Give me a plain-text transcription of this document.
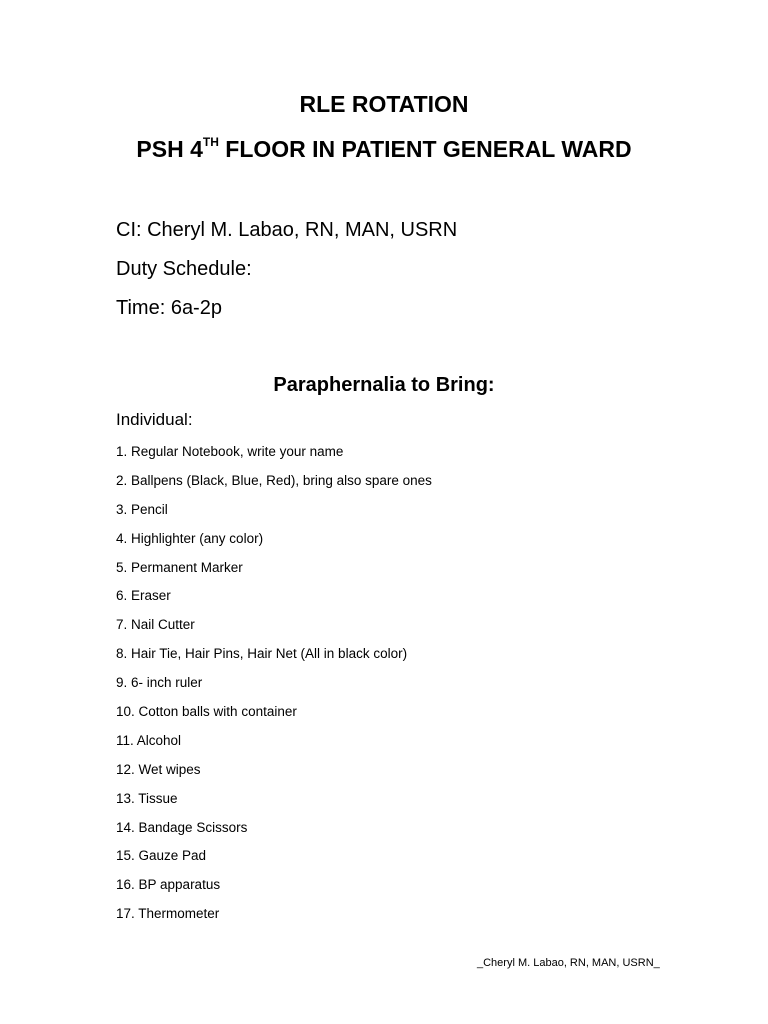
RLE ROTATION
PSH 4TH FLOOR IN PATIENT GENERAL WARD

CI: Cheryl M. Labao, RN, MAN, USRN

Duty Schedule:

Time: 6a-2p

Paraphernalia to Bring:

Individual:

1. Regular Notebook, write your name
2. Ballpens (Black, Blue, Red), bring also spare ones
3. Pencil
4. Highlighter (any color)
5. Permanent Marker
6. Eraser
7. Nail Cutter
8. Hair Tie, Hair Pins, Hair Net (All in black color)
9. 6- inch ruler
10. Cotton balls with container
11. Alcohol
12. Wet wipes
13. Tissue
14. Bandage Scissors
15. Gauze Pad
16. BP apparatus
17. Thermometer

_Cheryl M. Labao, RN, MAN, USRN_
